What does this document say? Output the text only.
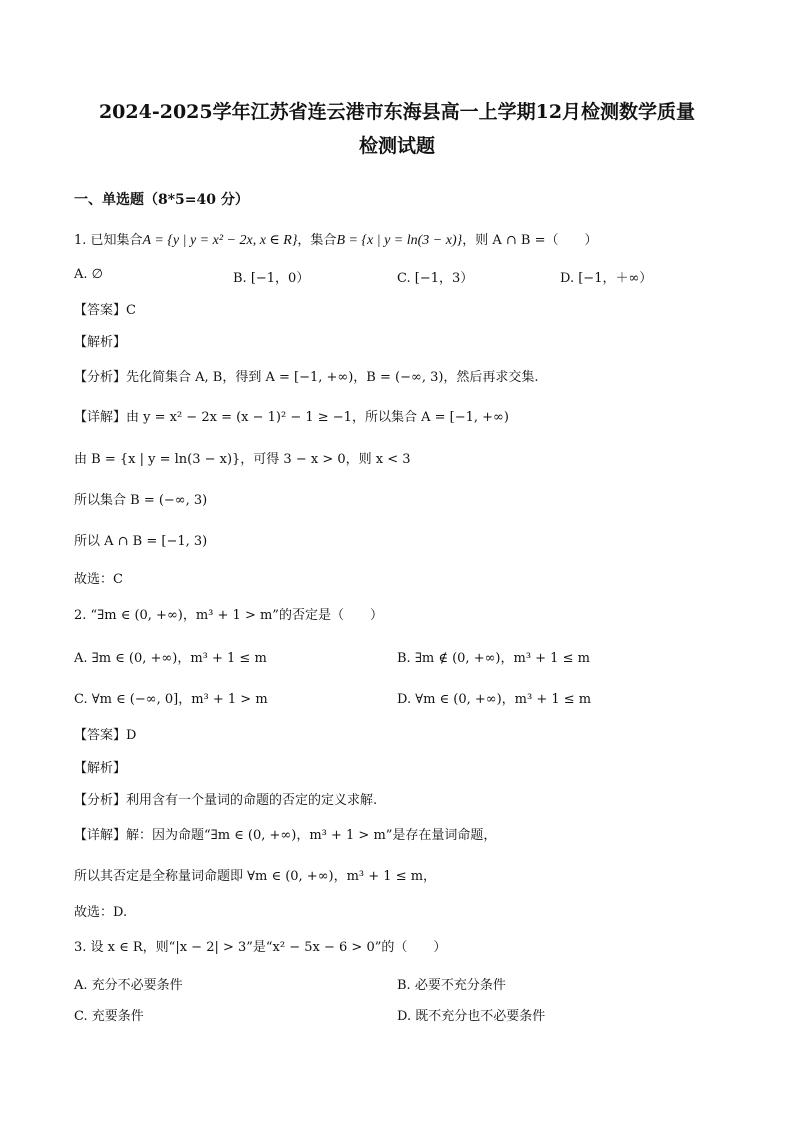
2024-2025学年江苏省连云港市东海县高一上学期12月检测数学质量
检测试题
一、单选题（8*5=40 分）
1. 已知集合A = {y | y = x² − 2x, x ∈ R}，集合B = {x | y = ln(3 − x)}，则 A ∩ B =（　　）
A. ∅	B. [−1，0）	C. [−1，3）	D. [−1，＋∞）
【答案】C
【解析】
【分析】先化简集合 A, B，得到 A = [−1, +∞)，B = (−∞, 3)，然后再求交集.
【详解】由 y = x² − 2x = (x − 1)² − 1 ≥ −1，所以集合 A = [−1, +∞)
由 B = {x | y = ln(3 − x)}，可得 3 − x > 0，则 x < 3
所以集合 B = (−∞, 3)
所以 A ∩ B = [−1, 3)
故选：C
2. “∃m ∈ (0, +∞)，m³ + 1 > m”的否定是（　　）
A. ∃m ∈ (0, +∞)，m³ + 1 ≤ m	B. ∃m ∉ (0, +∞)，m³ + 1 ≤ m
C. ∀m ∈ (−∞, 0]，m³ + 1 > m	D. ∀m ∈ (0, +∞)，m³ + 1 ≤ m
【答案】D
【解析】
【分析】利用含有一个量词的命题的否定的定义求解.
【详解】解：因为命题“∃m ∈ (0, +∞)，m³ + 1 > m”是存在量词命题，
所以其否定是全称量词命题即 ∀m ∈ (0, +∞)，m³ + 1 ≤ m，
故选：D.
3. 设 x ∈ R，则“|x − 2| > 3”是“x² − 5x − 6 > 0”的（　　）
A. 充分不必要条件	B. 必要不充分条件
C. 充要条件	D. 既不充分也不必要条件
